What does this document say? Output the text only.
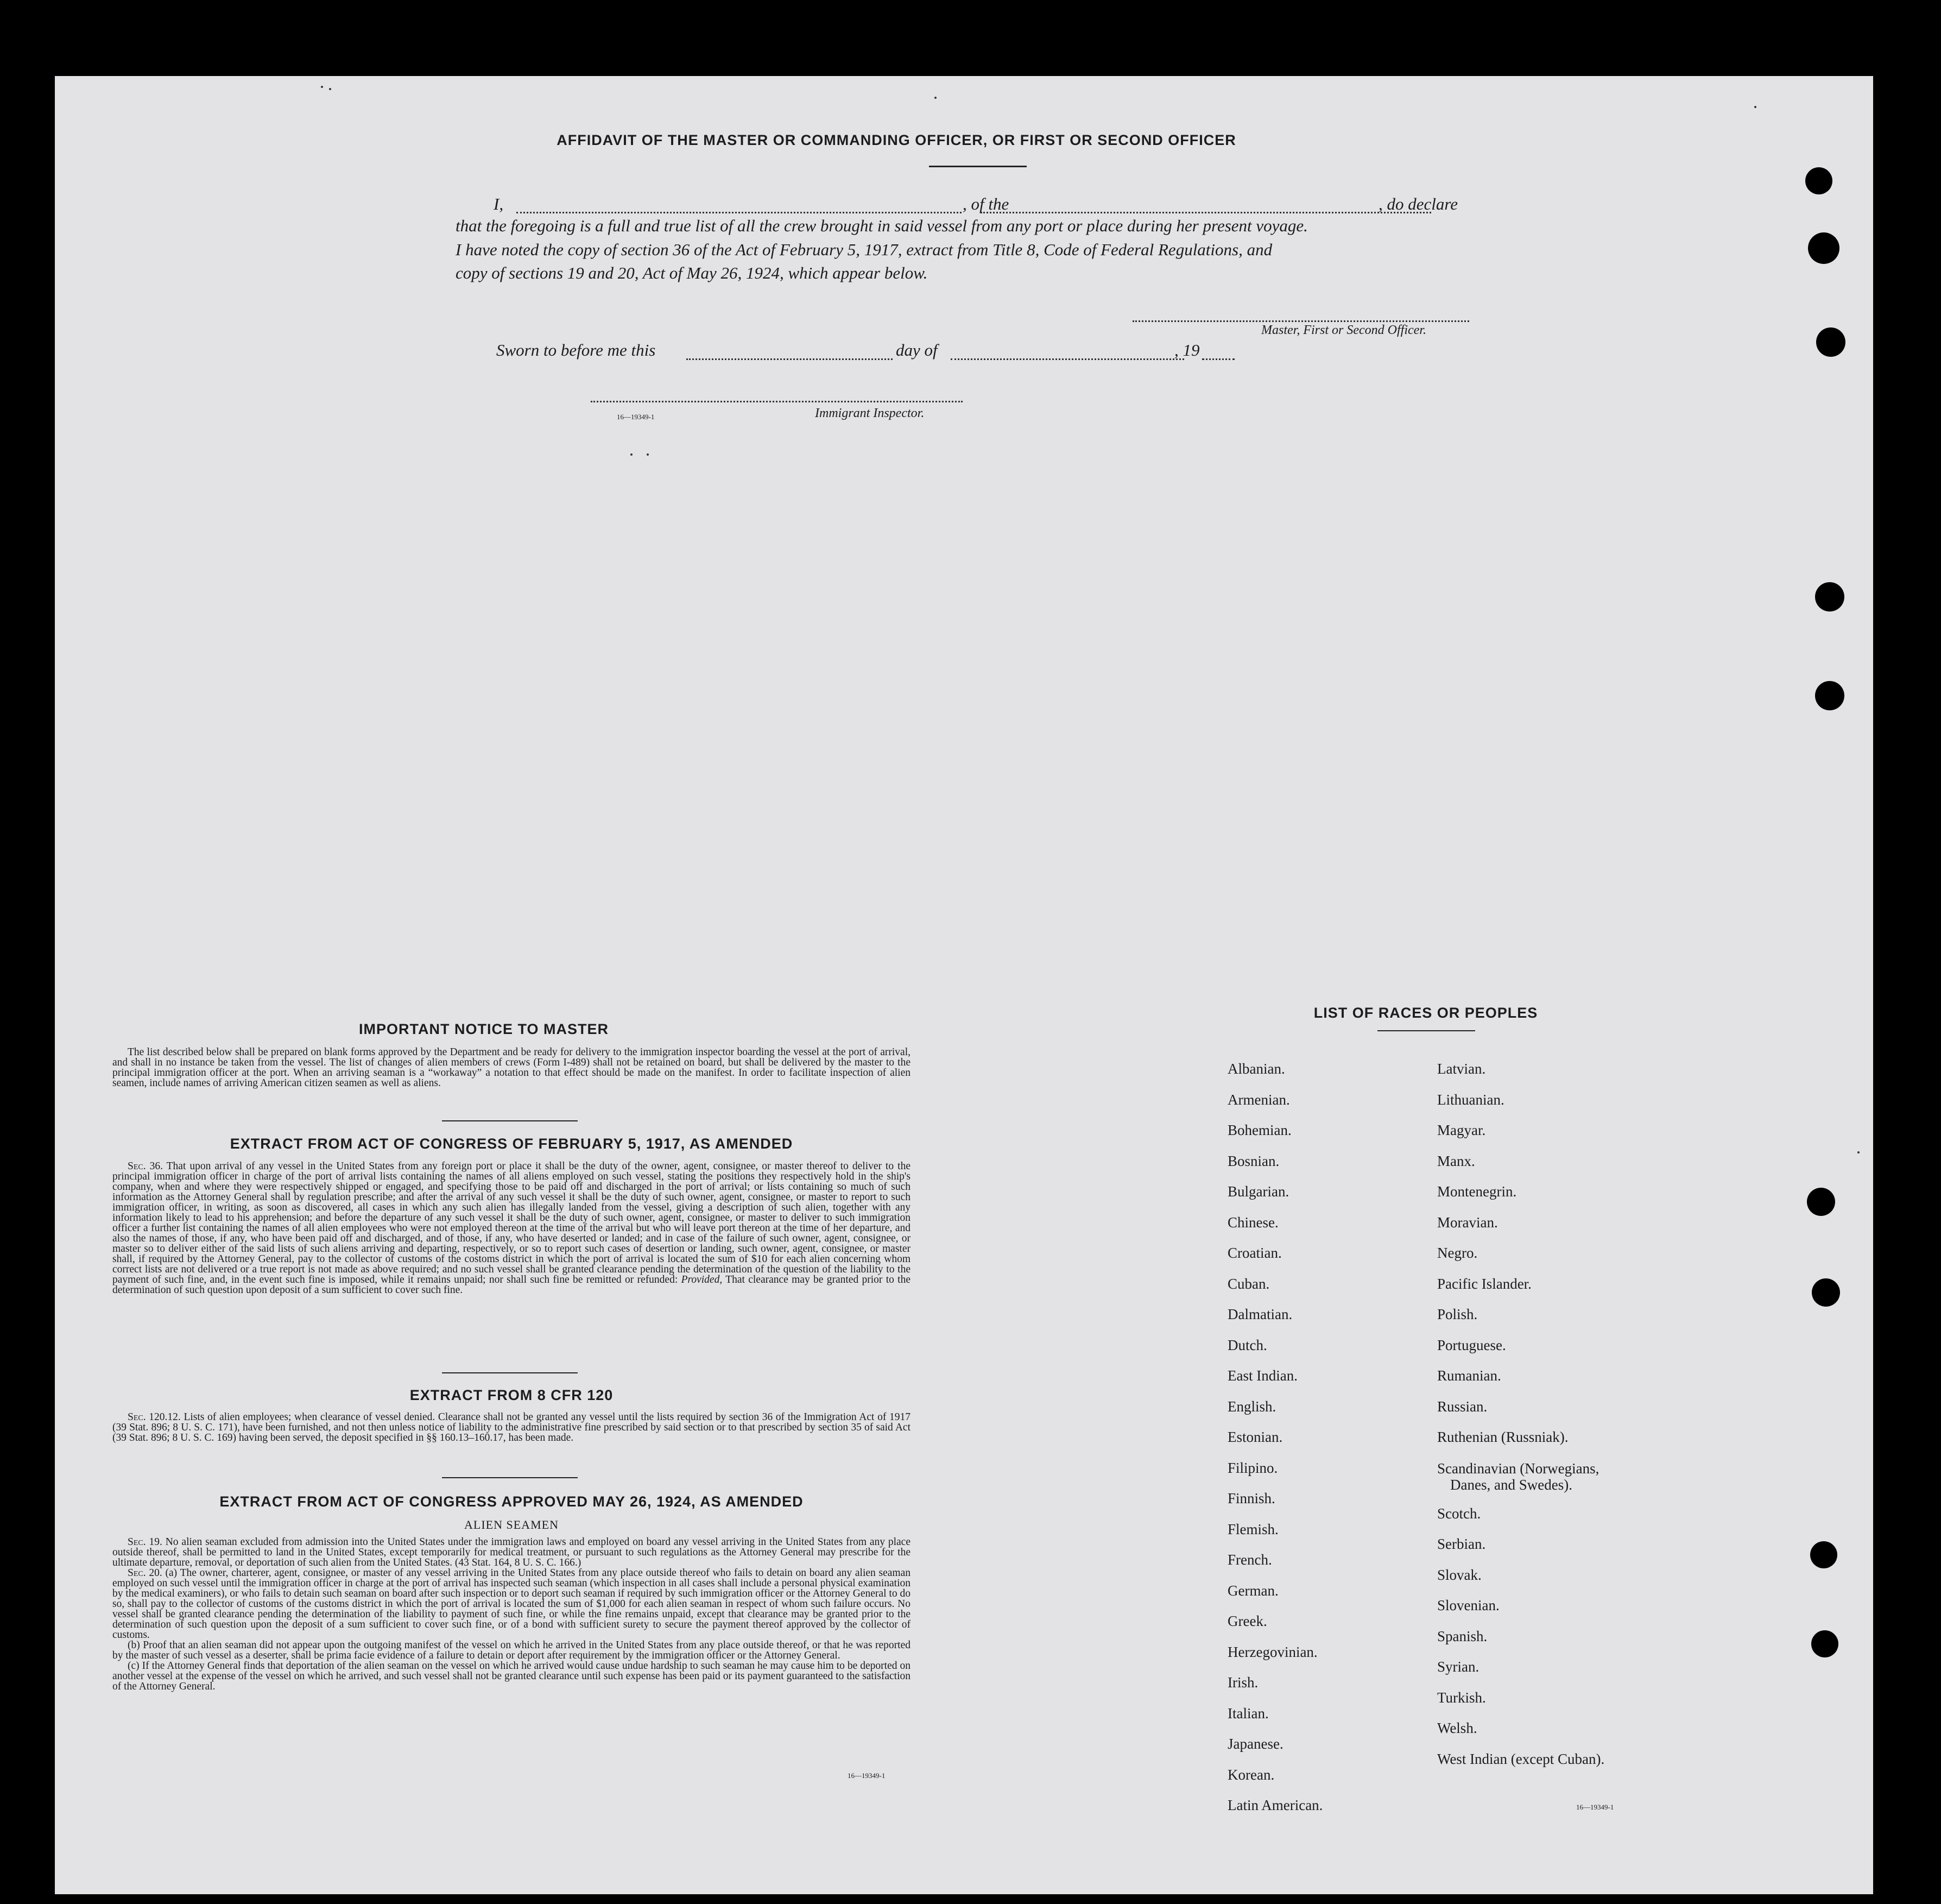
AFFIDAVIT OF THE MASTER OR COMMANDING OFFICER, OR FIRST OR SECOND OFFICER
I,	, of the	, do declare
that the foregoing is a full and true list of all the crew brought in said vessel from any port or place during her present voyage.
I have noted the copy of section 36 of the Act of February 5, 1917, extract from Title 8, Code of Federal Regulations, and
copy of sections 19 and 20, Act of May 26, 1924, which appear below.
Master, First or Second Officer.
Sworn to before me this	day of	, 19
16—19349-1	Immigrant Inspector.
IMPORTANT NOTICE TO MASTER

The list described below shall be prepared on blank forms approved by the Department and be ready for delivery to the immigration inspector boarding the vessel at the port of arrival, and shall in no instance be taken from the vessel. The list of changes of alien members of crews (Form I-489) shall not be retained on board, but shall be delivered by the master to the principal immigration officer at the port. When an arriving seaman is a “workaway” a notation to that effect should be made on the manifest. In order to facilitate inspection of alien seamen, include names of arriving American citizen seamen as well as aliens.

EXTRACT FROM ACT OF CONGRESS OF FEBRUARY 5, 1917, AS AMENDED

Sec. 36. That upon arrival of any vessel in the United States from any foreign port or place it shall be the duty of the owner, agent, consignee, or master thereof to deliver to the principal immigration officer in charge of the port of arrival lists containing the names of all aliens employed on such vessel, stating the positions they respectively hold in the ship's company, when and where they were respectively shipped or engaged, and specifying those to be paid off and discharged in the port of arrival; or lists containing so much of such information as the Attorney General shall by regulation prescribe; and after the arrival of any such vessel it shall be the duty of such owner, agent, consignee, or master to report to such immigration officer, in writing, as soon as discovered, all cases in which any such alien has illegally landed from the vessel, giving a description of such alien, together with any information likely to lead to his apprehension; and before the departure of any such vessel it shall be the duty of such owner, agent, consignee, or master to deliver to such immigration officer a further list containing the names of all alien employees who were not employed thereon at the time of the arrival but who will leave port thereon at the time of her departure, and also the names of those, if any, who have been paid off and discharged, and of those, if any, who have deserted or landed; and in case of the failure of such owner, agent, consignee, or master so to deliver either of the said lists of such aliens arriving and departing, respectively, or so to report such cases of desertion or landing, such owner, agent, consignee, or master shall, if required by the Attorney General, pay to the collector of customs of the costoms district in which the port of arrival is located the sum of $10 for each alien concerning whom correct lists are not delivered or a true report is not made as above required; and no such vessel shall be granted clearance pending the determination of the question of the liability to the payment of such fine, and, in the event such fine is imposed, while it remains unpaid; nor shall such fine be remitted or refunded: Provided, That clearance may be granted prior to the determination of such question upon deposit of a sum sufficient to cover such fine.

EXTRACT FROM 8 CFR 120

Sec. 120.12. Lists of alien employees; when clearance of vessel denied. Clearance shall not be granted any vessel until the lists required by section 36 of the Immigration Act of 1917 (39 Stat. 896; 8 U. S. C. 171), have been furnished, and not then unless notice of liability to the administrative fine prescribed by said section or to that prescribed by section 35 of said Act (39 Stat. 896; 8 U. S. C. 169) having been served, the deposit specified in §§ 160.13–160.17, has been made.

EXTRACT FROM ACT OF CONGRESS APPROVED MAY 26, 1924, AS AMENDED
ALIEN SEAMEN

Sec. 19. No alien seaman excluded from admission into the United States under the immigration laws and employed on board any vessel arriving in the United States from any place outside thereof, shall be permitted to land in the United States, except temporarily for medical treatment, or pursuant to such regulations as the Attorney General may prescribe for the ultimate departure, removal, or deportation of such alien from the United States. (43 Stat. 164, 8 U. S. C. 166.)

Sec. 20. (a) The owner, charterer, agent, consignee, or master of any vessel arriving in the United States from any place outside thereof who fails to detain on board any alien seaman employed on such vessel until the immigration officer in charge at the port of arrival has inspected such seaman (which inspection in all cases shall include a personal physical examination by the medical examiners), or who fails to detain such seaman on board after such inspection or to deport such seaman if required by such immigration officer or the Attorney General to do so, shall pay to the collector of customs of the customs district in which the port of arrival is located the sum of $1,000 for each alien seaman in respect of whom such failure occurs. No vessel shall be granted clearance pending the determination of the liability to payment of such fine, or while the fine remains unpaid, except that clearance may be granted prior to the determination of such question upon the deposit of a sum sufficient to cover such fine, or of a bond with sufficient surety to secure the payment thereof approved by the collector of customs.

(b) Proof that an alien seaman did not appear upon the outgoing manifest of the vessel on which he arrived in the United States from any place outside thereof, or that he was reported by the master of such vessel as a deserter, shall be prima facie evidence of a failure to detain or deport after requirement by the immigration officer or the Attorney General.

(c) If the Attorney General finds that deportation of the alien seaman on the vessel on which he arrived would cause undue hardship to such seaman he may cause him to be deported on another vessel at the expense of the vessel on which he arrived, and such vessel shall not be granted clearance until such expense has been paid or its payment guaranteed to the satisfaction of the Attorney General.

16—19349-1
LIST OF RACES OR PEOPLES
Albanian.
Armenian.
Bohemian.
Bosnian.
Bulgarian.
Chinese.
Croatian.
Cuban.
Dalmatian.
Dutch.
East Indian.
English.
Estonian.
Filipino.
Finnish.
Flemish.
French.
German.
Greek.
Herzegovinian.
Irish.
Italian.
Japanese.
Korean.
Latin American.
Latvian.
Lithuanian.
Magyar.
Manx.
Montenegrin.
Moravian.
Negro.
Pacific Islander.
Polish.
Portuguese.
Rumanian.
Russian.
Ruthenian (Russniak).
Scandinavian (Norwegians,
Danes, and Swedes).
Scotch.
Serbian.
Slovak.
Slovenian.
Spanish.
Syrian.
Turkish.
Welsh.
West Indian (except Cuban).
16—19349-1
